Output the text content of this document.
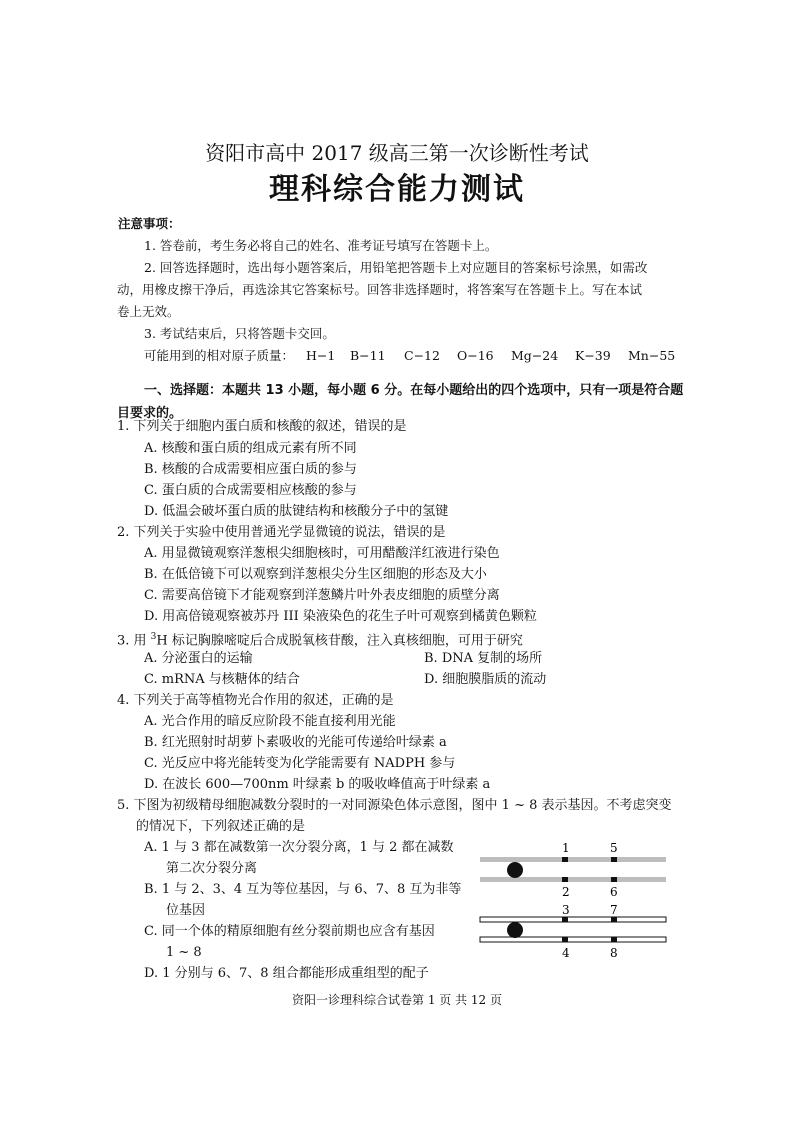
资阳市高中 2017 级高三第一次诊断性考试
理科综合能力测试
注意事项：
1. 答卷前，考生务必将自己的姓名、准考证号填写在答题卡上。
2. 回答选择题时，选出每小题答案后，用铅笔把答题卡上对应题目的答案标号涂黑，如需改
动，用橡皮擦干净后，再选涂其它答案标号。回答非选择题时，将答案写在答题卡上。写在本试
卷上无效。
3. 考试结束后，只将答题卡交回。
可能用到的相对原子质量： H−1 B−11 C−12 O−16 Mg−24 K−39 Mn−55
一、选择题：本题共 13 小题，每小题 6 分。在每小题给出的四个选项中，只有一项是符合题
目要求的。
1. 下列关于细胞内蛋白质和核酸的叙述，错误的是
A. 核酸和蛋白质的组成元素有所不同
B. 核酸的合成需要相应蛋白质的参与
C. 蛋白质的合成需要相应核酸的参与
D. 低温会破坏蛋白质的肽键结构和核酸分子中的氢键
2. 下列关于实验中使用普通光学显微镜的说法，错误的是
A. 用显微镜观察洋葱根尖细胞核时，可用醋酸洋红液进行染色
B. 在低倍镜下可以观察到洋葱根尖分生区细胞的形态及大小
C. 需要高倍镜下才能观察到洋葱鳞片叶外表皮细胞的质壁分离
D. 用高倍镜观察被苏丹 III 染液染色的花生子叶可观察到橘黄色颗粒
3. 用 $^3$H 标记胸腺嘧啶后合成脱氧核苷酸，注入真核细胞，可用于研究
A. 分泌蛋白的运输	B. DNA 复制的场所
C. mRNA 与核糖体的结合	D. 细胞膜脂质的流动
4. 下列关于高等植物光合作用的叙述，正确的是
A. 光合作用的暗反应阶段不能直接利用光能
B. 红光照射时胡萝卜素吸收的光能可传递给叶绿素 a
C. 光反应中将光能转变为化学能需要有 NADPH 参与
D. 在波长 600—700nm 叶绿素 b 的吸收峰值高于叶绿素 a
5. 下图为初级精母细胞减数分裂时的一对同源染色体示意图，图中 1 ~ 8 表示基因。不考虑突变
的情况下，下列叙述正确的是
A. 1 与 3 都在减数第一次分裂分离，1 与 2 都在减数
第二次分裂分离
B. 1 与 2、3、4 互为等位基因，与 6、7、8 互为非等
位基因
C. 同一个体的精原细胞有丝分裂前期也应含有基因
1 ~ 8
D. 1 分别与 6、7、8 组合都能形成重组型的配子
1	5
2	6
3	7
4	8
资阳一诊理科综合试卷第 1 页 共 12 页
